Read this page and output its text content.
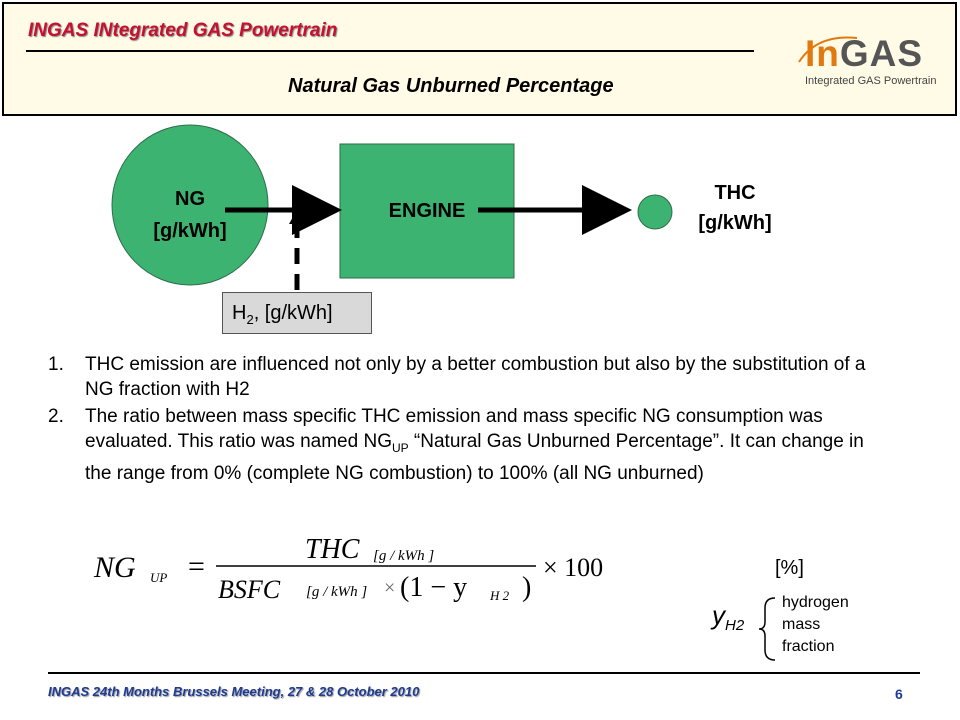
INGAS INtegrated GAS Powertrain
Natural Gas Unburned Percentage
InGAS
Integrated GAS Powertrain
NG
[g/kWh]
ENGINE
THC
[g/kWh]
$H_2$, [g/kWh]
1. THC emission are influenced not only by a better combustion but also by the substitution of a NG fraction with H2
2. The ratio between mass specific THC emission and mass specific NG consumption was evaluated. This ratio was named $NG_{UP}$ “Natural Gas Unburned Percentage”. It can change in the range from 0% (complete NG combustion) to 100% (all NG unburned)
NG UP =
THC [g / kWh ]
BSFC [g / kWh ] × (1 − y H 2 )
× 100	[%]
$y_{H2}$
hydrogen
mass
fraction
INGAS 24th Months Brussels Meeting, 27 & 28 October 2010	6
